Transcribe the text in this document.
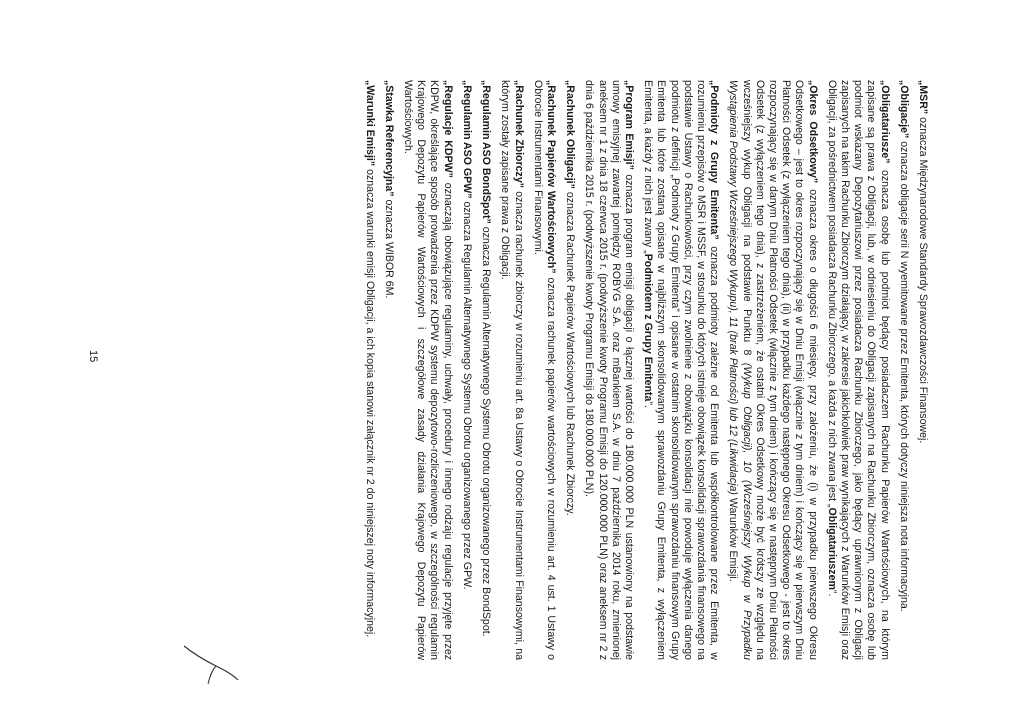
„MSR” oznacza Międzynarodowe Standardy Sprawozdawczości Finansowej.

„Obligacje” oznacza obligacje serii N wyemitowane przez Emitenta, których dotyczy niniejsza nota informacyjna.

„Obligatariusze” oznacza osobę lub podmiot będący posiadaczem Rachunku Papierów Wartościowych, na którym zapisane są prawa z Obligacji, lub, w odniesieniu do Obligacji zapisanych na Rachunku Zbiorczym, oznacza osobę lub podmiot wskazany Depozytariuszowi przez posiadacza Rachunku Zbiorczego, jako będący uprawnionym z Obligacji zapisanych na takim Rachunku Zbiorczym działający, w zakresie jakichkolwiek praw wynikających z Warunków Emisji oraz Obligacji, za pośrednictwem posiadacza Rachunku Zbiorczego, a każda z nich zwana jest „Obligatariuszem”.

„Okres Odsetkowy” oznacza okres o długości 6 miesięcy, przy założeniu, że (i) w przypadku pierwszego Okresu Odsetkowego – jest to okres rozpoczynający się w Dniu Emisji (włącznie z tym dniem) i kończący się w pierwszym Dniu Płatności Odsetek (z wyłączeniem tego dnia), (ii) w przypadku każdego następnego Okresu Odsetkowego - jest to okres rozpoczynający się w danym Dniu Płatności Odsetek (włącznie z tym dniem) i kończący się w następnym Dniu Płatności Odsetek (z wyłączeniem tego dnia), z zastrzeżeniem, że ostatni Okres Odsetkowy może być krótszy ze względu na wcześniejszy wykup Obligacji na podstawie Punktu 8 (Wykup Obligacji), 10 (Wcześniejszy Wykup w Przypadku Wystąpienia Podstawy Wcześniejszego Wykupu), 11 (brak Płatności) lub 12 (Likwidacja) Warunków Emisji.

„Podmioty z Grupy Emitenta” oznacza podmioty zależne od Emitenta lub współkontrolowane przez Emitenta, w rozumieniu przepisów o MSR i MSSF, w stosunku do których istnieje obowiązek konsolidacji sprawozdania finansowego na podstawie Ustawy o Rachunkowości, przy czym zwolnienie z obowiązku konsolidacji nie powoduje wyłączenia danego podmiotu z definicji „Podmioty z Grupy Emitenta” i opisane w ostatnim skonsolidowanym sprawozdaniu finansowym Grupy Emitenta lub które zostaną opisane w najbliższym skonsolidowanym sprawozdaniu Grupy Emitenta, z wyłączeniem Emitenta, a każdy z nich jest zwany „Podmiotem z Grupy Emitenta”.

„Program Emisji” oznacza program emisji obligacji o łącznej wartości do 180.000.000 PLN ustanowiony na podstawie umowy emisyjnej zawartej pomiędzy ROBYG S.A. oraz mBankiem S.A. w dniu 7 października 2014 roku, zmienionej aneksem nr 1 z dnia 18 czerwca 2015 r. (podwyższenie kwoty Programu Emisji do 120.000.000 PLN) oraz aneksem nr 2 z dnia 6 października 2015 r. (podwyższenie kwoty Programu Emisji do 180.000.000 PLN).

„Rachunek Obligacji” oznacza Rachunek Papierów Wartościowych lub Rachunek Zbiorczy.

„Rachunek Papierów Wartościowych” oznacza rachunek papierów wartościowych w rozumieniu art. 4 ust. 1 Ustawy o Obrocie Instrumentami Finansowymi.

„Rachunek Zbiorczy” oznacza rachunek zbiorczy w rozumieniu art. 8a Ustawy o Obrocie Instrumentami Finansowymi, na którym zostały zapisane prawa z Obligacji.

„Regulamin ASO BondSpot” oznacza Regulamin Alternatywnego Systemu Obrotu organizowanego przez BondSpot.

„Regulamin ASO GPW” oznacza Regulamin Alternatywnego Systemu Obrotu organizowanego przez GPW.

„Regulacje KDPW” oznaczają obowiązujące regulaminy, uchwały, procedury i innego rodzaju regulacje przyjęte przez KDPW, określające sposób prowadzenia przez KDPW systemu depozytowo-rozliczeniowego, w szczególności regulamin Krajowego Depozytu Papierów Wartościowych i szczegółowe zasady działania Krajowego Depozytu Papierów Wartościowych.

„Stawka Referencyjna” oznacza WIBOR 6M.

„Warunki Emisji” oznacza warunki emisji Obligacji, a ich kopia stanowi załącznik nr 2 do niniejszej noty informacyjnej.

15
